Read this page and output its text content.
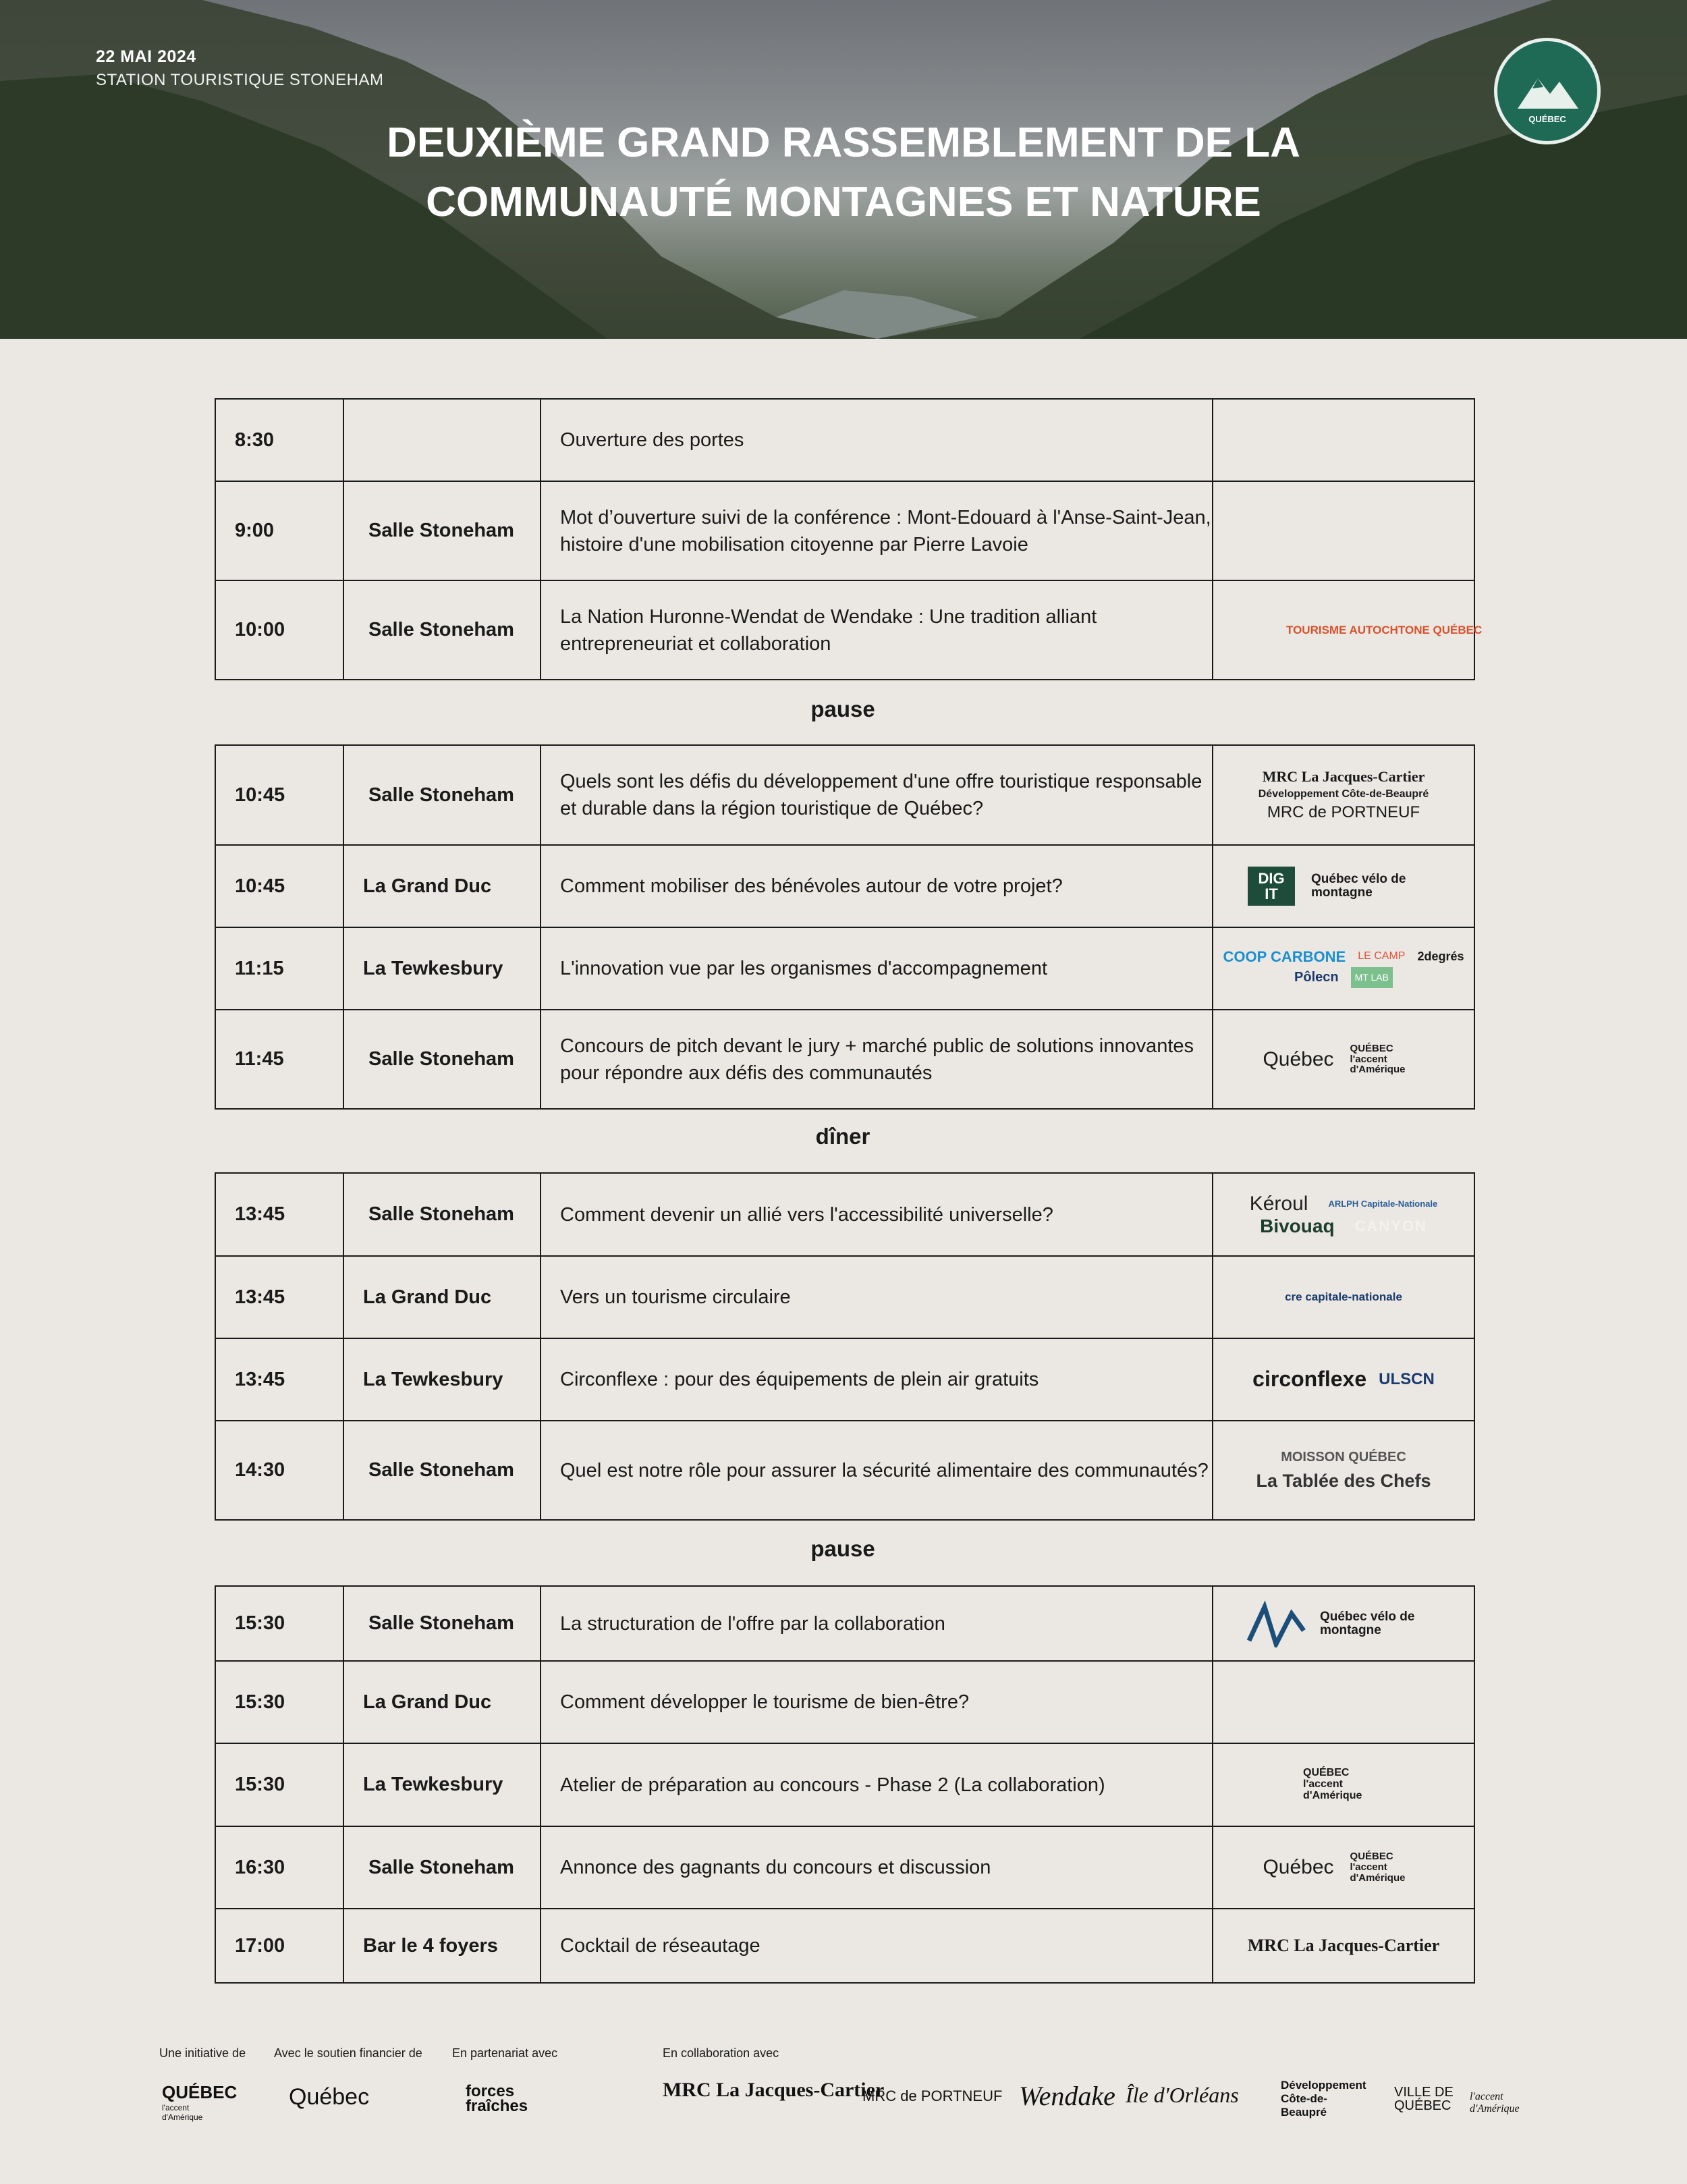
22 MAI 2024
STATION TOURISTIQUE STONEHAM
DEUXIÈME GRAND RASSEMBLEMENT DE LA
COMMUNAUTÉ MONTAGNES ET NATURE
QUÉBEC
8:30		Ouverture des portes	
9:00	Salle Stoneham	Mot d’ouverture suivi de la conférence : Mont-Edouard à l'Anse-Saint-Jean, histoire d'une mobilisation citoyenne par Pierre Lavoie	
10:00	Salle Stoneham	La Nation Huronne-Wendat de Wendake : Une tradition alliant entrepreneuriat et collaboration	TOURISME AUTOCHTONE QUÉBEC
pause
10:45	Salle Stoneham	Quels sont les défis du développement d'une offre touristique responsable et durable dans la région touristique de Québec?	MRC La Jacques-Cartier
Développement Côte-de-Beaupré
MRC de PORTNEUF

10:45	La Grand Duc	Comment mobiliser des bénévoles autour de votre projet?	DIG IT
Québec vélo de montagne

11:15	La Tewkesbury	L'innovation vue par les organismes d'accompagnement	COOP CARBONE LE CAMP 2degrés
Pôlecn MT LAB

11:45	Salle Stoneham	Concours de pitch devant le jury + marché public de solutions innovantes pour répondre aux défis des communautés	Québec QUÉBEC l'accent d'Amérique
dîner
13:45	Salle Stoneham	Comment devenir un allié vers l'accessibilité universelle?	Kéroul ARLPH Capitale-Nationale
Bivouaq CANYON

13:45	La Grand Duc	Vers un tourisme circulaire	cre capitale-nationale

13:45	La Tewkesbury	Circonflexe : pour des équipements de plein air gratuits	circonflexe ULSCN

14:30	Salle Stoneham	Quel est notre rôle pour assurer la sécurité alimentaire des communautés?	MOISSON QUÉBEC
La Tablée des Chefs
pause
15:30	Salle Stoneham	La structuration de l'offre par la collaboration	Québec vélo de montagne

15:30	La Grand Duc	Comment développer le tourisme de bien-être?	
15:30	La Tewkesbury	Atelier de préparation au concours - Phase 2 (La collaboration)	QUÉBEC l'accent d'Amérique

16:30	Salle Stoneham	Annonce des gagnants du concours et discussion	Québec QUÉBEC l'accent d'Amérique

17:00	Bar le 4 foyers	Cocktail de réseautage	MRC La Jacques-Cartier
Une initiative de Avec le soutien financier de En partenariat avec	En collaboration avec
QUÉBEC
l'accent d'Amérique
Québec	forces fraîches
MRC La Jacques-Cartier
MRC de PORTNEUF Wendake Île d'Orléans	Développement Côte-de-Beaupré
VILLE DE QUÉBEC
l'accent d'Amérique
